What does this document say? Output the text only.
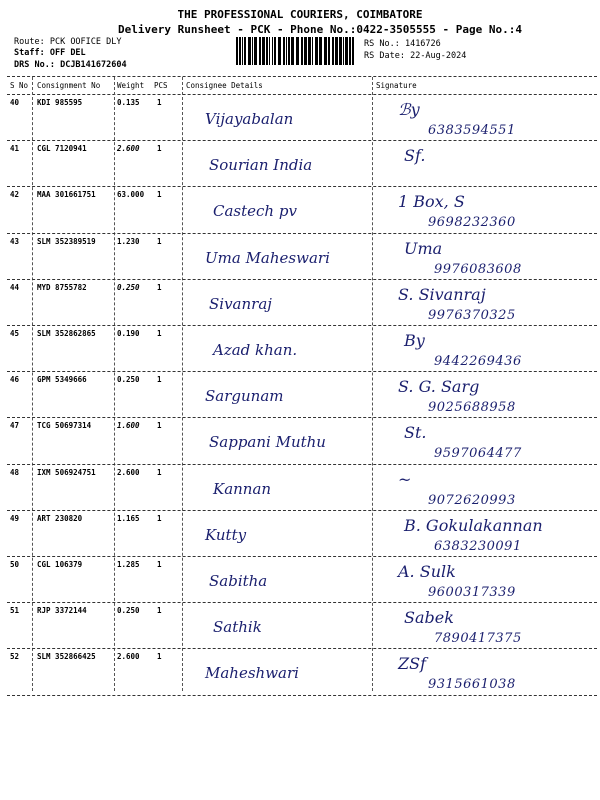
THE PROFESSIONAL COURIERS, COIMBATORE
Delivery Runsheet - PCK - Phone No.:0422-3505555 - Page No.:4
Route: PCK OOFICE DLY
Staff: OFF DEL
DRS No.: DCJB141672604
RS No.: 1416726
RS Date: 22-Aug-2024
S No Consignment No Weight PCS Consignee Details	Signature
40 KDI 985595	0.135 1
Vijayabalan	ℬy
6383594551
41 CGL 7120941	2.600 1
Sourian India	Sf.

42 MAA 301661751	63.000 1
Castech pv	1 Box, S
9698232360
43 SLM 352389519	1.230 1
Uma Maheswari	Uma
9976083608
44 MYD 8755782	0.250 1
Sivanraj	S. Sivanraj
9976370325
45 SLM 352862865	0.190 1
Azad khan.	By
9442269436
46 GPM 5349666	0.250 1
Sargunam	S. G. Sarg
9025688958
47 TCG 50697314	1.600 1
Sappani Muthu	St.
9597064477
48 IXM 506924751	2.600 1
Kannan	~
9072620993
49 ART 230820	1.165 1
Kutty	B. Gokulakannan
6383230091
50 CGL 106379	1.285 1
Sabitha	A. Sulk
9600317339
51 RJP 3372144	0.250 1
Sathik	Sabek
7890417375
52 SLM 352866425	2.600 1
Maheshwari	ZSf
9315661038
